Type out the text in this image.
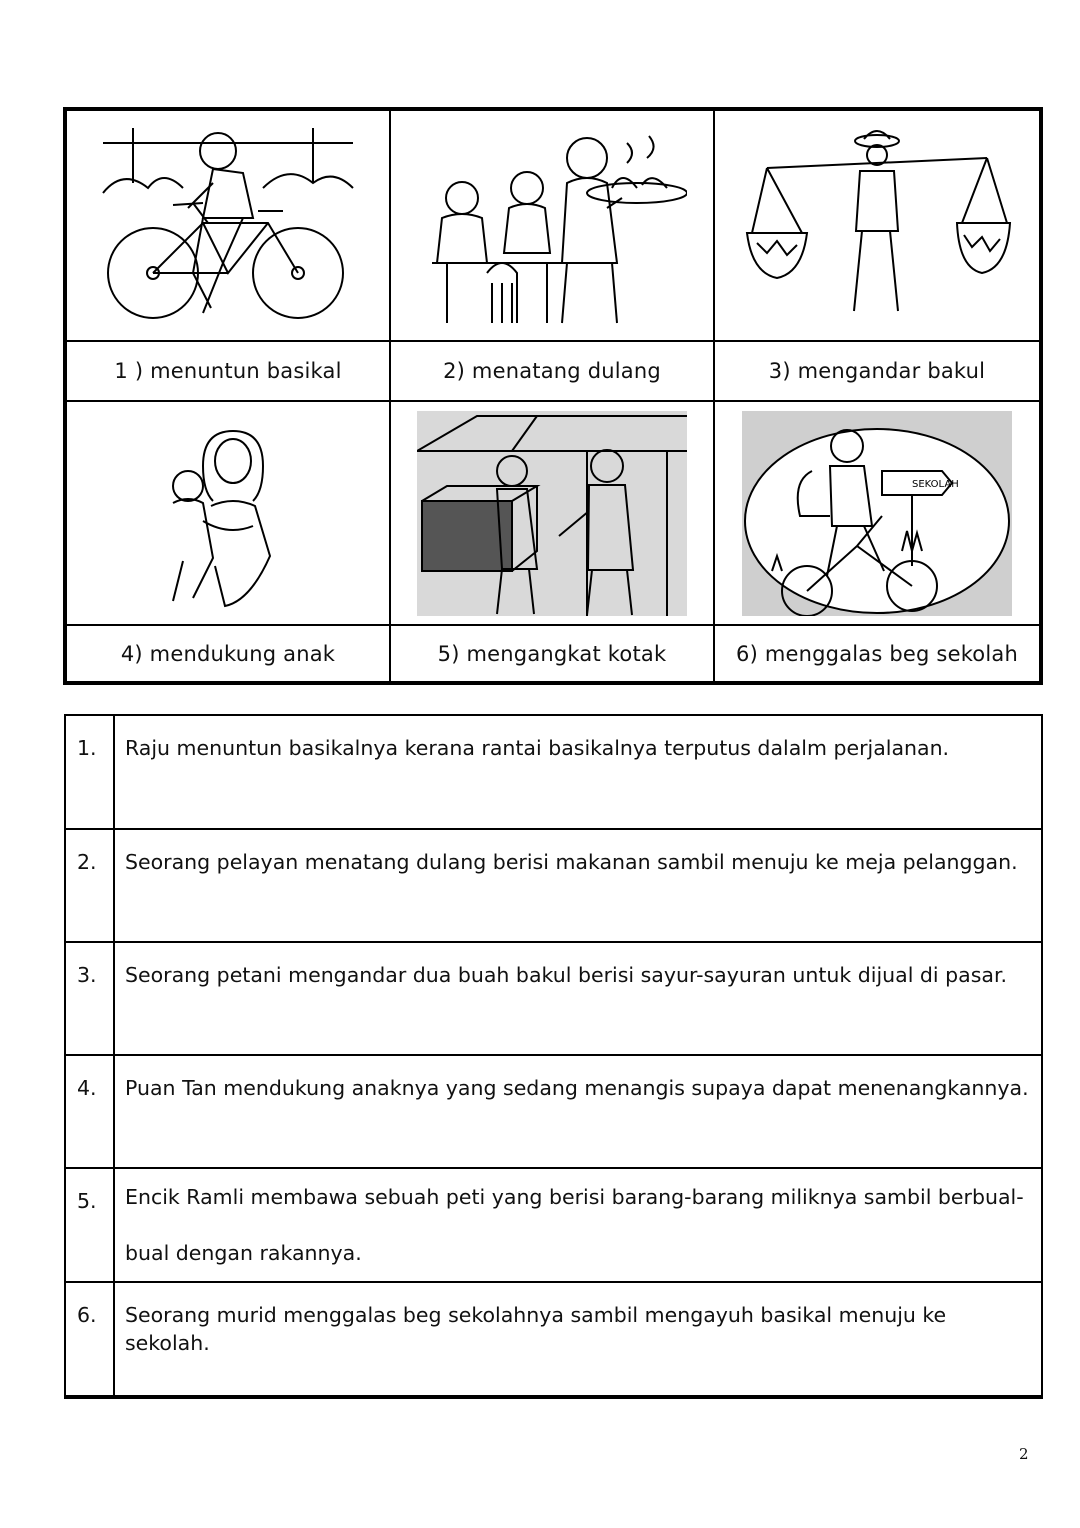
1 ) menuntun basikal	2) menatang dulang	3) mengandar bakul
SEKOLAH
4) mendukung anak	5) mengangkat kotak	6) menggalas beg sekolah
1.	Raju menuntun basikalnya kerana rantai basikalnya terputus dalalm perjalanan.
2.	Seorang pelayan menatang dulang berisi makanan sambil menuju ke meja pelanggan.
3.	Seorang petani mengandar dua buah bakul berisi sayur-sayuran untuk dijual di pasar.
4.	Puan Tan mendukung anaknya yang sedang menangis supaya dapat menenangkannya.
5.	Encik Ramli membawa sebuah peti yang berisi barang-barang miliknya sambil berbual-bual dengan rakannya.
6.	Seorang murid menggalas beg sekolahnya sambil mengayuh basikal menuju ke sekolah.
2
